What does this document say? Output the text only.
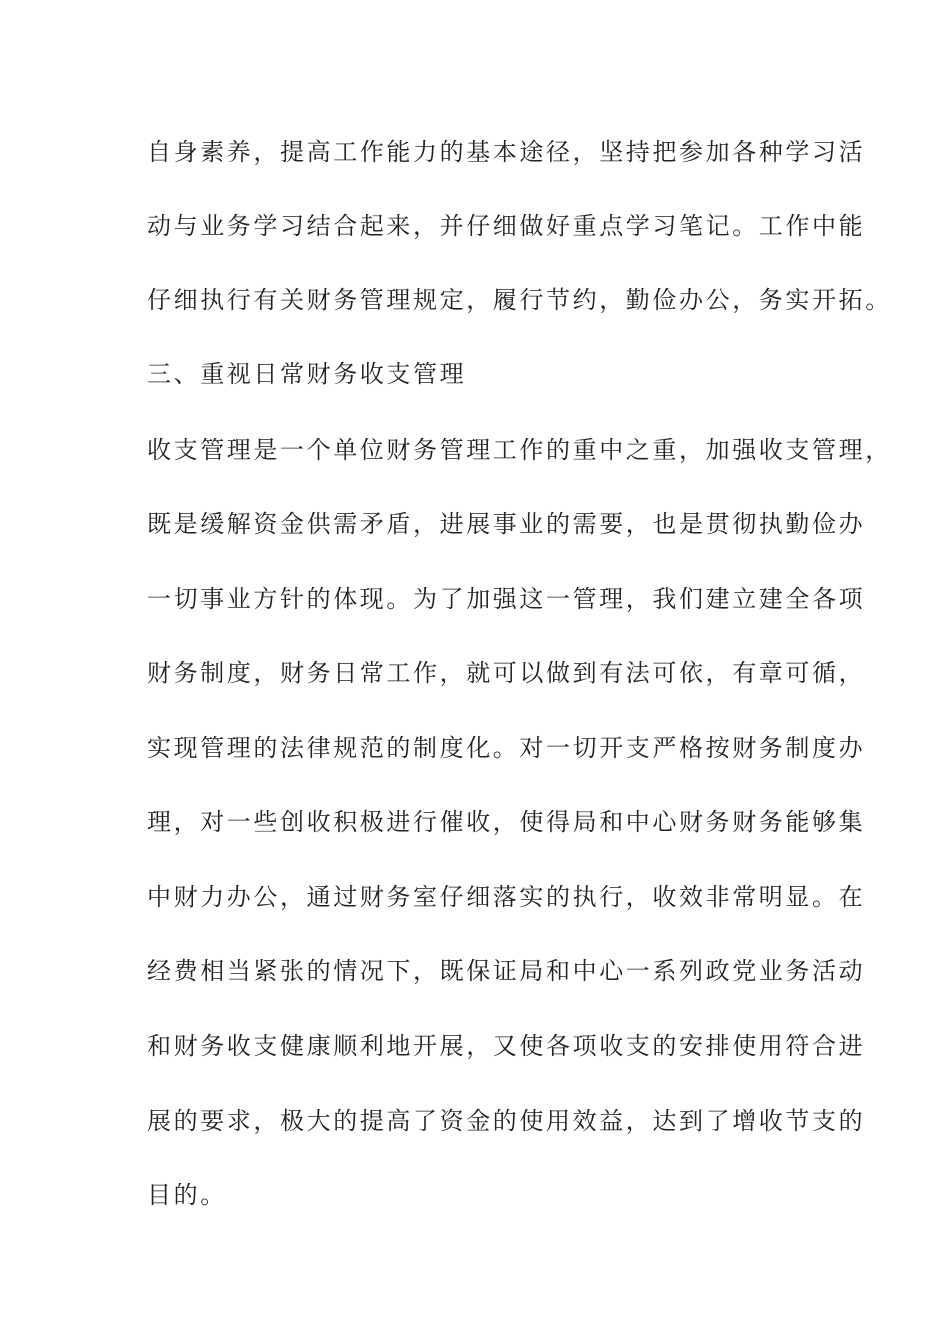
自身素养，提高工作能力的基本途径，坚持把参加各种学习活
动与业务学习结合起来，并仔细做好重点学习笔记。工作中能
仔细执行有关财务管理规定，履行节约，勤俭办公，务实开拓。
三、重视日常财务收支管理
收支管理是一个单位财务管理工作的重中之重，加强收支管理，
既是缓解资金供需矛盾，进展事业的需要，也是贯彻执勤俭办
一切事业方针的体现。为了加强这一管理，我们建立建全各项
财务制度，财务日常工作，就可以做到有法可依，有章可循，
实现管理的法律规范的制度化。对一切开支严格按财务制度办
理，对一些创收积极进行催收，使得局和中心财务财务能够集
中财力办公，通过财务室仔细落实的执行，收效非常明显。在
经费相当紧张的情况下，既保证局和中心一系列政党业务活动
和财务收支健康顺利地开展，又使各项收支的安排使用符合进
展的要求，极大的提高了资金的使用效益，达到了增收节支的
目的。
